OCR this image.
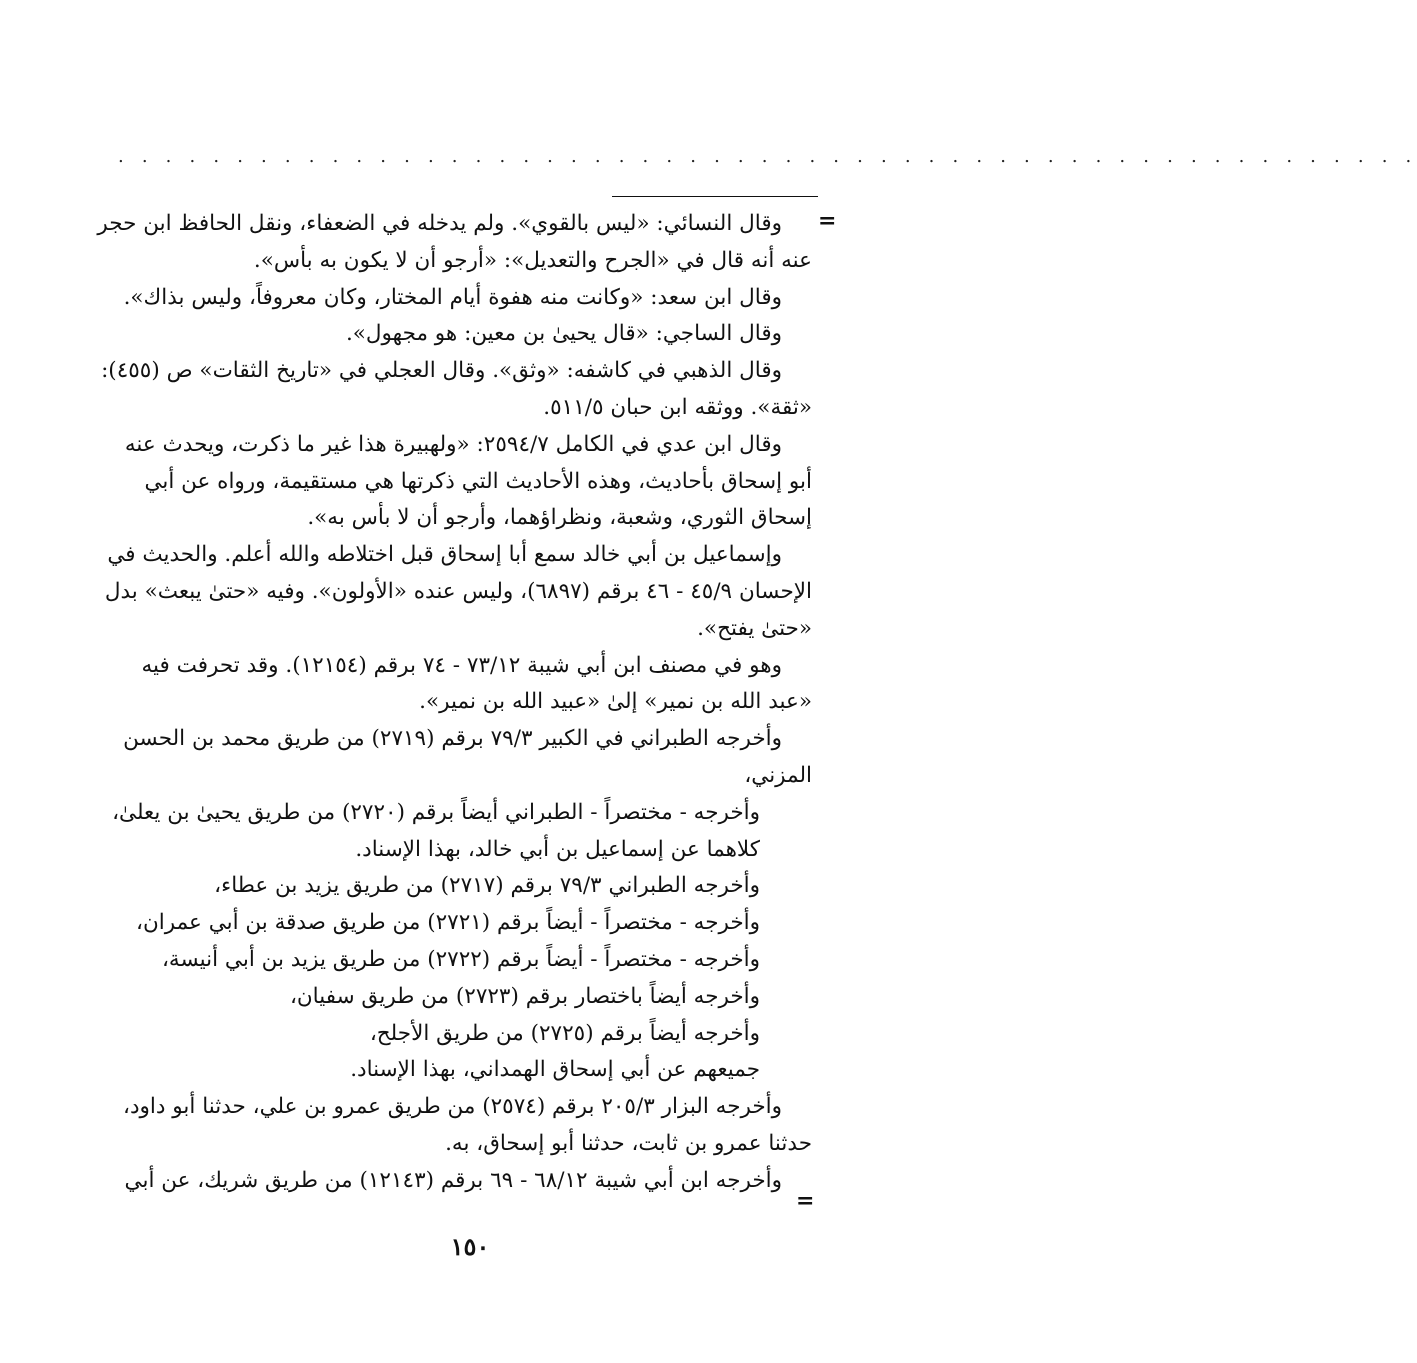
. . . . . . . . . . . . . . . . . . . . . . . . . . . . . . . . . . . . . . . . . . . . . . . . . . . . . . .
=
وقال النسائي: «ليس بالقوي». ولم يدخله في الضعفاء، ونقل الحافظ ابن حجر
عنه أنه قال في «الجرح والتعديل»: «أرجو أن لا يكون به بأس».
وقال ابن سعد: «وكانت منه هفوة أيام المختار، وكان معروفاً، وليس بذاك».
وقال الساجي: «قال يحيىٰ بن معين: هو مجهول».
وقال الذهبي في كاشفه: «وثق». وقال العجلي في «تاريخ الثقات» ص (٤٥٥):
«ثقة». ووثقه ابن حبان ٥١١/٥.
وقال ابن عدي في الكامل ٢٥٩٤/٧: «ولهبيرة هذا غير ما ذكرت، ويحدث عنه
أبو إسحاق بأحاديث، وهذه الأحاديث التي ذكرتها هي مستقيمة، ورواه عن أبي
إسحاق الثوري، وشعبة، ونظراؤهما، وأرجو أن لا بأس به».
وإسماعيل بن أبي خالد سمع أبا إسحاق قبل اختلاطه والله أعلم. والحديث في
الإحسان ٤٥/٩ - ٤٦ برقم (٦٨٩٧)، وليس عنده «الأولون». وفيه «حتىٰ يبعث» بدل
«حتىٰ يفتح».
وهو في مصنف ابن أبي شيبة ٧٣/١٢ - ٧٤ برقم (١٢١٥٤). وقد تحرفت فيه
«عبد الله بن نمير» إلىٰ «عبيد الله بن نمير».
وأخرجه الطبراني في الكبير ٧٩/٣ برقم (٢٧١٩) من طريق محمد بن الحسن
المزني،
وأخرجه - مختصراً - الطبراني أيضاً برقم (٢٧٢٠) من طريق يحيىٰ بن يعلىٰ،
كلاهما عن إسماعيل بن أبي خالد، بهذا الإسناد.
وأخرجه الطبراني ٧٩/٣ برقم (٢٧١٧) من طريق يزيد بن عطاء،
وأخرجه - مختصراً - أيضاً برقم (٢٧٢١) من طريق صدقة بن أبي عمران،
وأخرجه - مختصراً - أيضاً برقم (٢٧٢٢) من طريق يزيد بن أبي أنيسة،
وأخرجه أيضاً باختصار برقم (٢٧٢٣) من طريق سفيان،
وأخرجه أيضاً برقم (٢٧٢٥) من طريق الأجلح،
جميعهم عن أبي إسحاق الهمداني، بهذا الإسناد.
وأخرجه البزار ٢٠٥/٣ برقم (٢٥٧٤) من طريق عمرو بن علي، حدثنا أبو داود،
حدثنا عمرو بن ثابت، حدثنا أبو إسحاق، به.
وأخرجه ابن أبي شيبة ٦٨/١٢ - ٦٩ برقم (١٢١٤٣) من طريق شريك، عن أبي
=
١٥٠
